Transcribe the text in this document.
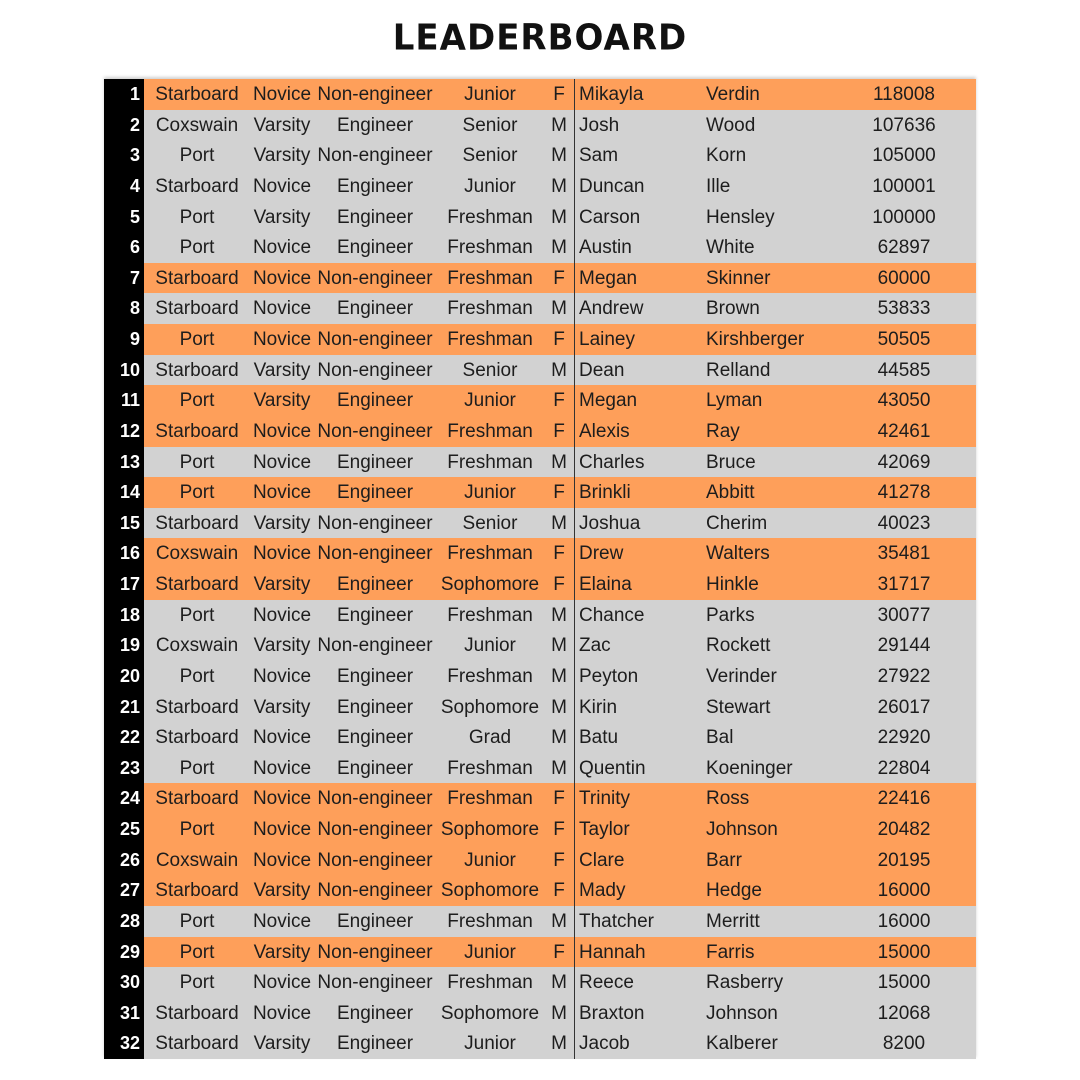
LEADERBOARD
1 Starboard Novice Non-engineer	Junior	F Mikayla	Verdin	118008
2 Coxswain Varsity	Engineer	Senior	M Josh	Wood	107636
3	Port	Varsity Non-engineer	Senior	M Sam	Korn	105000
4 Starboard Novice	Engineer	Junior	M Duncan	Ille	100001
5	Port	Varsity	Engineer	Freshman M Carson	Hensley	100000
6	Port	Novice	Engineer	Freshman M Austin	White	62897
7 Starboard Novice Non-engineer Freshman	F Megan	Skinner	60000
8 Starboard Novice	Engineer	Freshman M Andrew	Brown	53833
9	Port	Novice Non-engineer Freshman	F Lainey	Kirshberger	50505
10 Starboard Varsity Non-engineer	Senior	M Dean	Relland	44585
11	Port	Varsity	Engineer	Junior	F Megan	Lyman	43050
12 Starboard Novice Non-engineer Freshman	F Alexis	Ray	42461
13	Port	Novice	Engineer	Freshman M Charles	Bruce	42069
14	Port	Novice	Engineer	Junior	F Brinkli	Abbitt	41278
15 Starboard Varsity Non-engineer	Senior	M Joshua	Cherim	40023
16 Coxswain Novice Non-engineer Freshman	F Drew	Walters	35481
17 Starboard Varsity	Engineer	Sophomore F Elaina	Hinkle	31717
18	Port	Novice	Engineer	Freshman M Chance	Parks	30077
19 Coxswain Varsity Non-engineer	Junior	M Zac	Rockett	29144
20	Port	Novice	Engineer	Freshman M Peyton	Verinder	27922
21 Starboard Varsity	Engineer	Sophomore M Kirin	Stewart	26017
22 Starboard Novice	Engineer	Grad	M Batu	Bal	22920
23	Port	Novice	Engineer	Freshman M Quentin	Koeninger	22804
24 Starboard Novice Non-engineer Freshman	F Trinity	Ross	22416
25	Port	Novice Non-engineer Sophomore F Taylor	Johnson	20482
26 Coxswain Novice Non-engineer	Junior	F Clare	Barr	20195
27 Starboard Varsity Non-engineer Sophomore F Mady	Hedge	16000
28	Port	Novice	Engineer	Freshman M Thatcher	Merritt	16000
29	Port	Varsity Non-engineer	Junior	F Hannah	Farris	15000
30	Port	Novice Non-engineer Freshman M Reece	Rasberry	15000
31 Starboard Novice	Engineer	Sophomore M Braxton	Johnson	12068
32 Starboard Varsity	Engineer	Junior	M Jacob	Kalberer	8200
